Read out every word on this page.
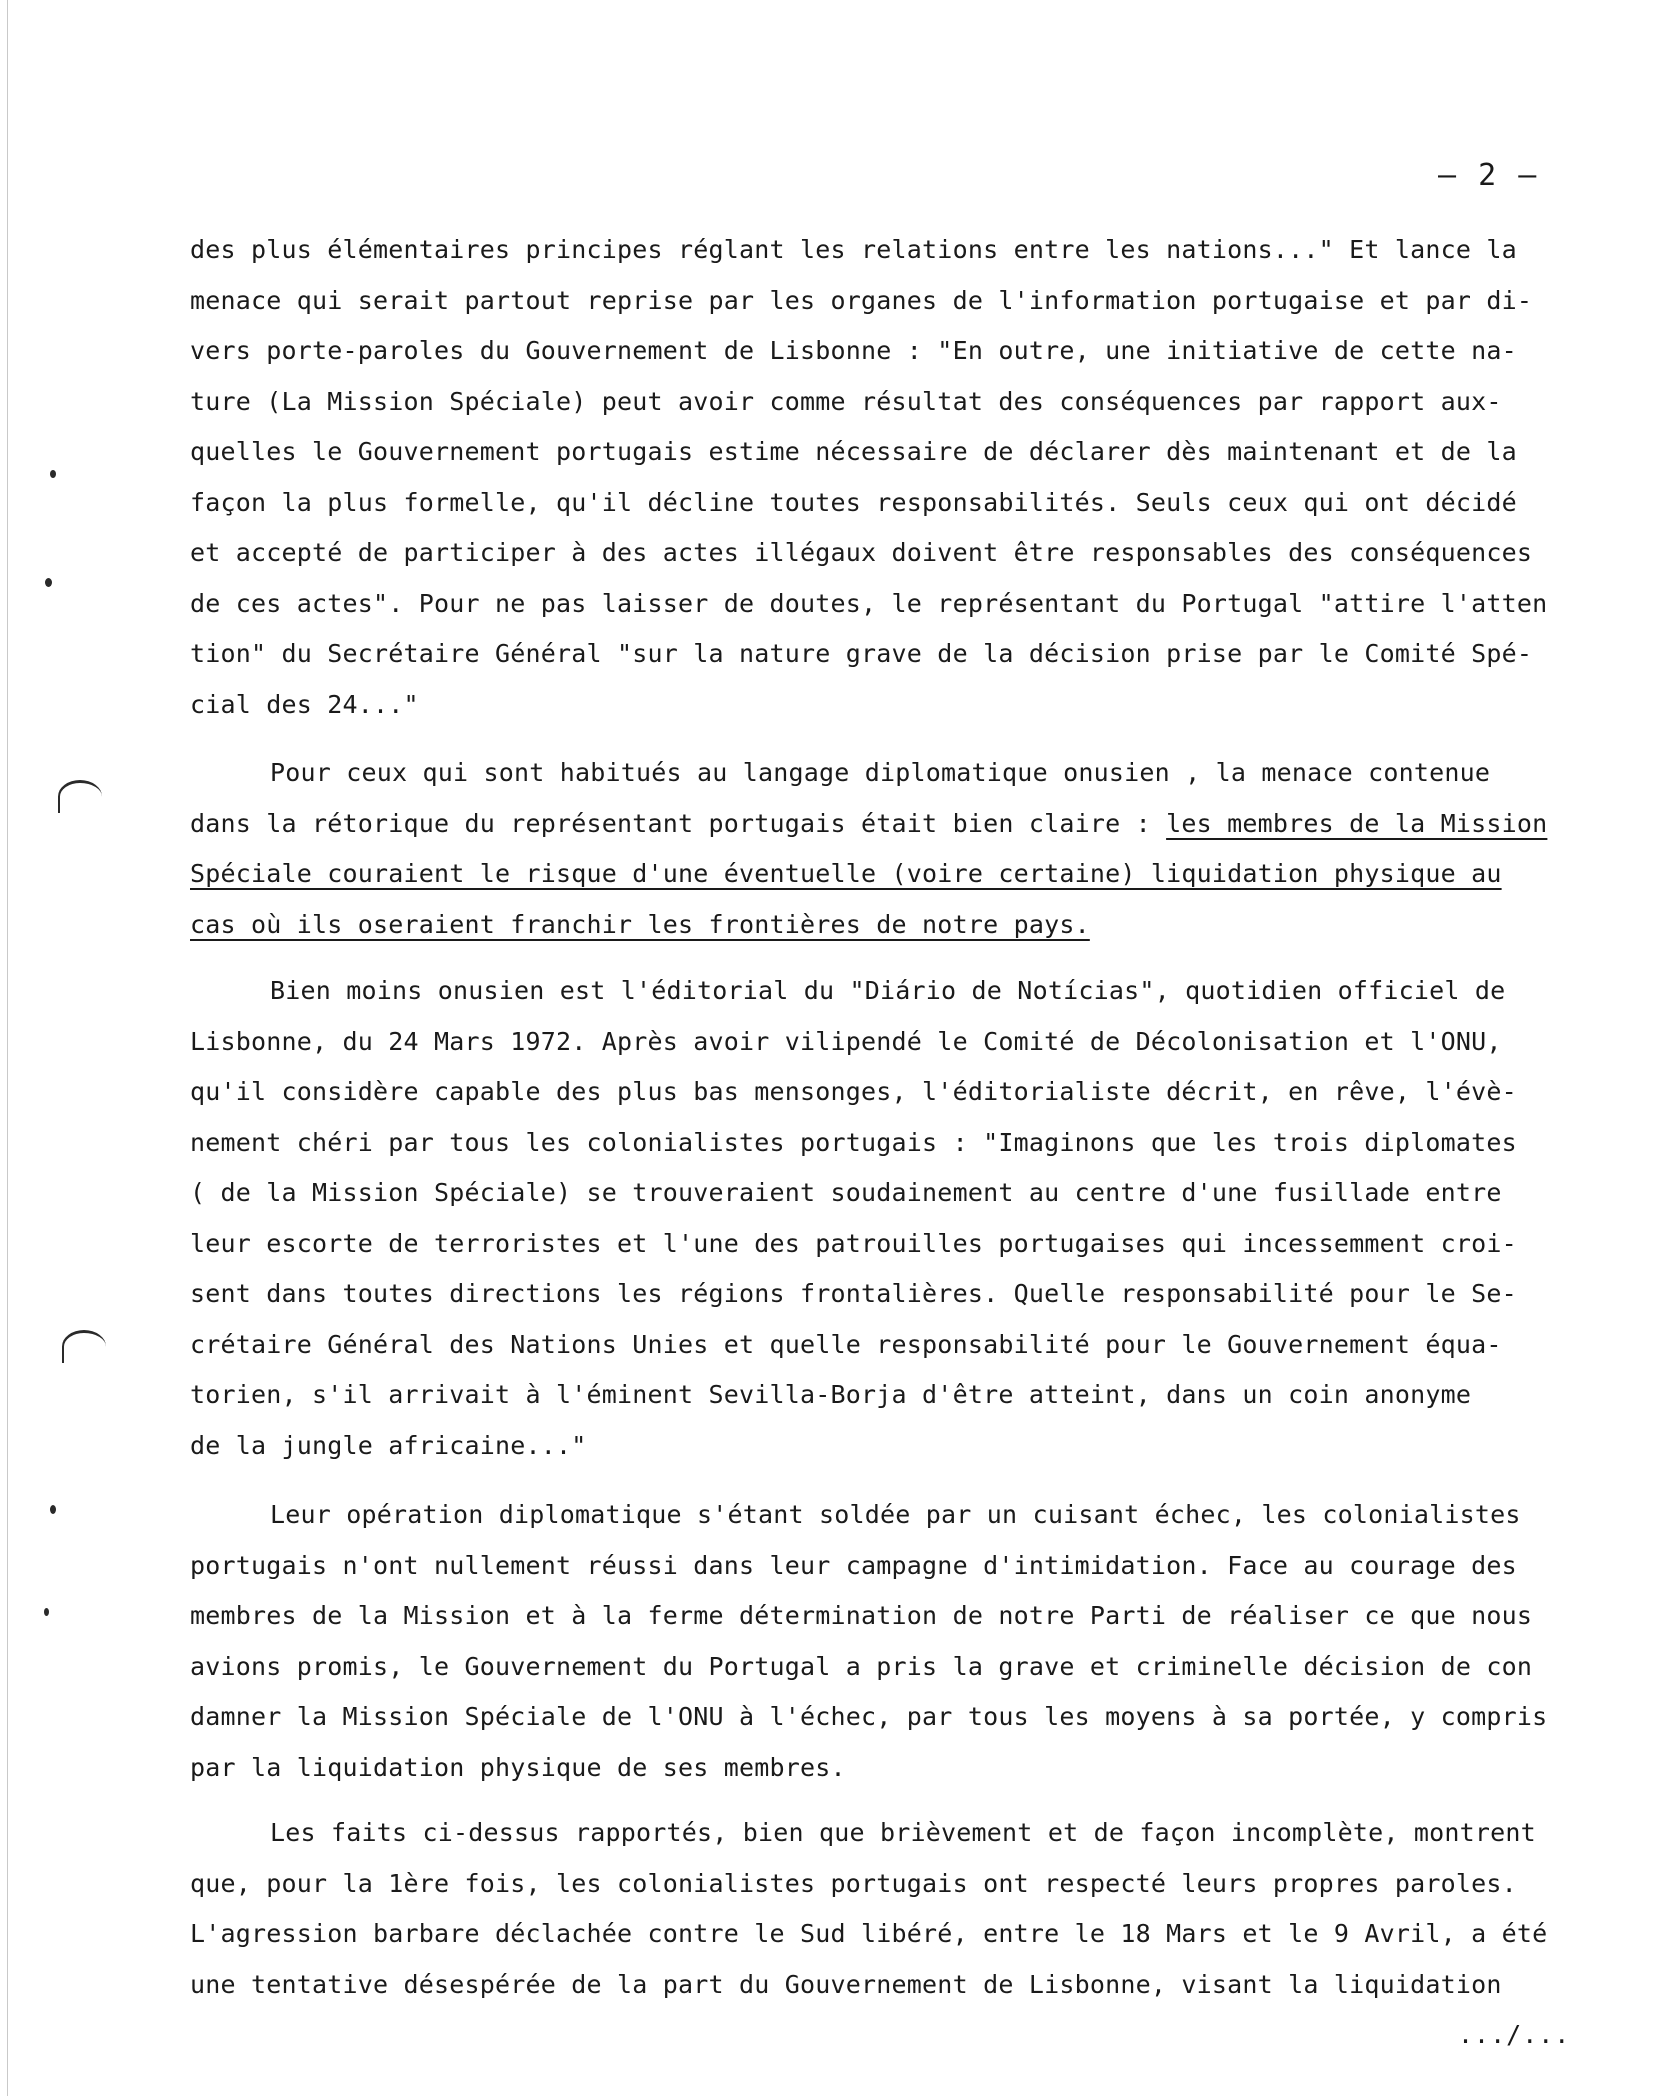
– 2 –
des plus élémentaires principes réglant les relations entre les nations..." Et lance la
menace qui serait partout reprise par les organes de l'information portugaise et par di-
vers porte-paroles du Gouvernement de Lisbonne : "En outre, une initiative de cette na-
ture (La Mission Spéciale) peut avoir comme résultat des conséquences par rapport aux-
quelles le Gouvernement portugais estime nécessaire de déclarer dès maintenant et de la
façon la plus formelle, qu'il décline toutes responsabilités. Seuls ceux qui ont décidé
et accepté de participer à des actes illégaux doivent être responsables des conséquences
de ces actes". Pour ne pas laisser de doutes, le représentant du Portugal "attire l'atten
tion" du Secrétaire Général "sur la nature grave de la décision prise par le Comité Spé-
cial des 24..."
Pour ceux qui sont habitués au langage diplomatique onusien , la menace contenue
dans la rétorique du représentant portugais était bien claire : les membres de la Mission
Spéciale couraient le risque d'une éventuelle (voire certaine) liquidation physique au
cas où ils oseraient franchir les frontières de notre pays.
Bien moins onusien est l'éditorial du "Diário de Notícias", quotidien officiel de
Lisbonne, du 24 Mars 1972. Après avoir vilipendé le Comité de Décolonisation et l'ONU,
qu'il considère capable des plus bas mensonges, l'éditorialiste décrit, en rêve, l'évè-
nement chéri par tous les colonialistes portugais : "Imaginons que les trois diplomates
( de la Mission Spéciale) se trouveraient soudainement au centre d'une fusillade entre
leur escorte de terroristes et l'une des patrouilles portugaises qui incessemment croi-
sent dans toutes directions les régions frontalières. Quelle responsabilité pour le Se-
crétaire Général des Nations Unies et quelle responsabilité pour le Gouvernement équa-
torien, s'il arrivait à l'éminent Sevilla-Borja d'être atteint, dans un coin anonyme
de la jungle africaine..."
Leur opération diplomatique s'étant soldée par un cuisant échec, les colonialistes
portugais n'ont nullement réussi dans leur campagne d'intimidation. Face au courage des
membres de la Mission et à la ferme détermination de notre Parti de réaliser ce que nous
avions promis, le Gouvernement du Portugal a pris la grave et criminelle décision de con
damner la Mission Spéciale de l'ONU à l'échec, par tous les moyens à sa portée, y compris
par la liquidation physique de ses membres.
Les faits ci-dessus rapportés, bien que brièvement et de façon incomplète, montrent
que, pour la 1ère fois, les colonialistes portugais ont respecté leurs propres paroles.
L'agression barbare déclachée contre le Sud libéré, entre le 18 Mars et le 9 Avril, a été
une tentative désespérée de la part du Gouvernement de Lisbonne, visant la liquidation
.../...
